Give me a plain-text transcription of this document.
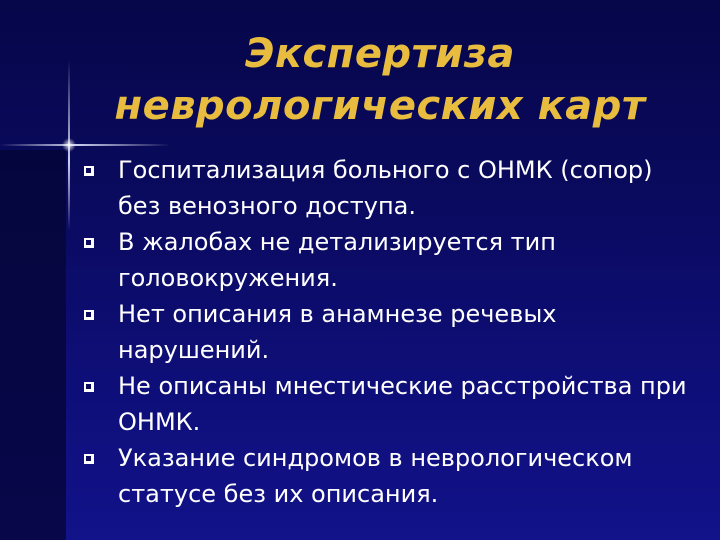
Экспертиза
неврологических карт
Госпитализация больного с ОНМК (сопор) без венозного доступа.
В жалобах не детализируется тип головокружения.
Нет описания в анамнезе речевых нарушений.
Не описаны мнестические расстройства при ОНМК.
Указание синдромов в неврологическом статусе без их описания.
